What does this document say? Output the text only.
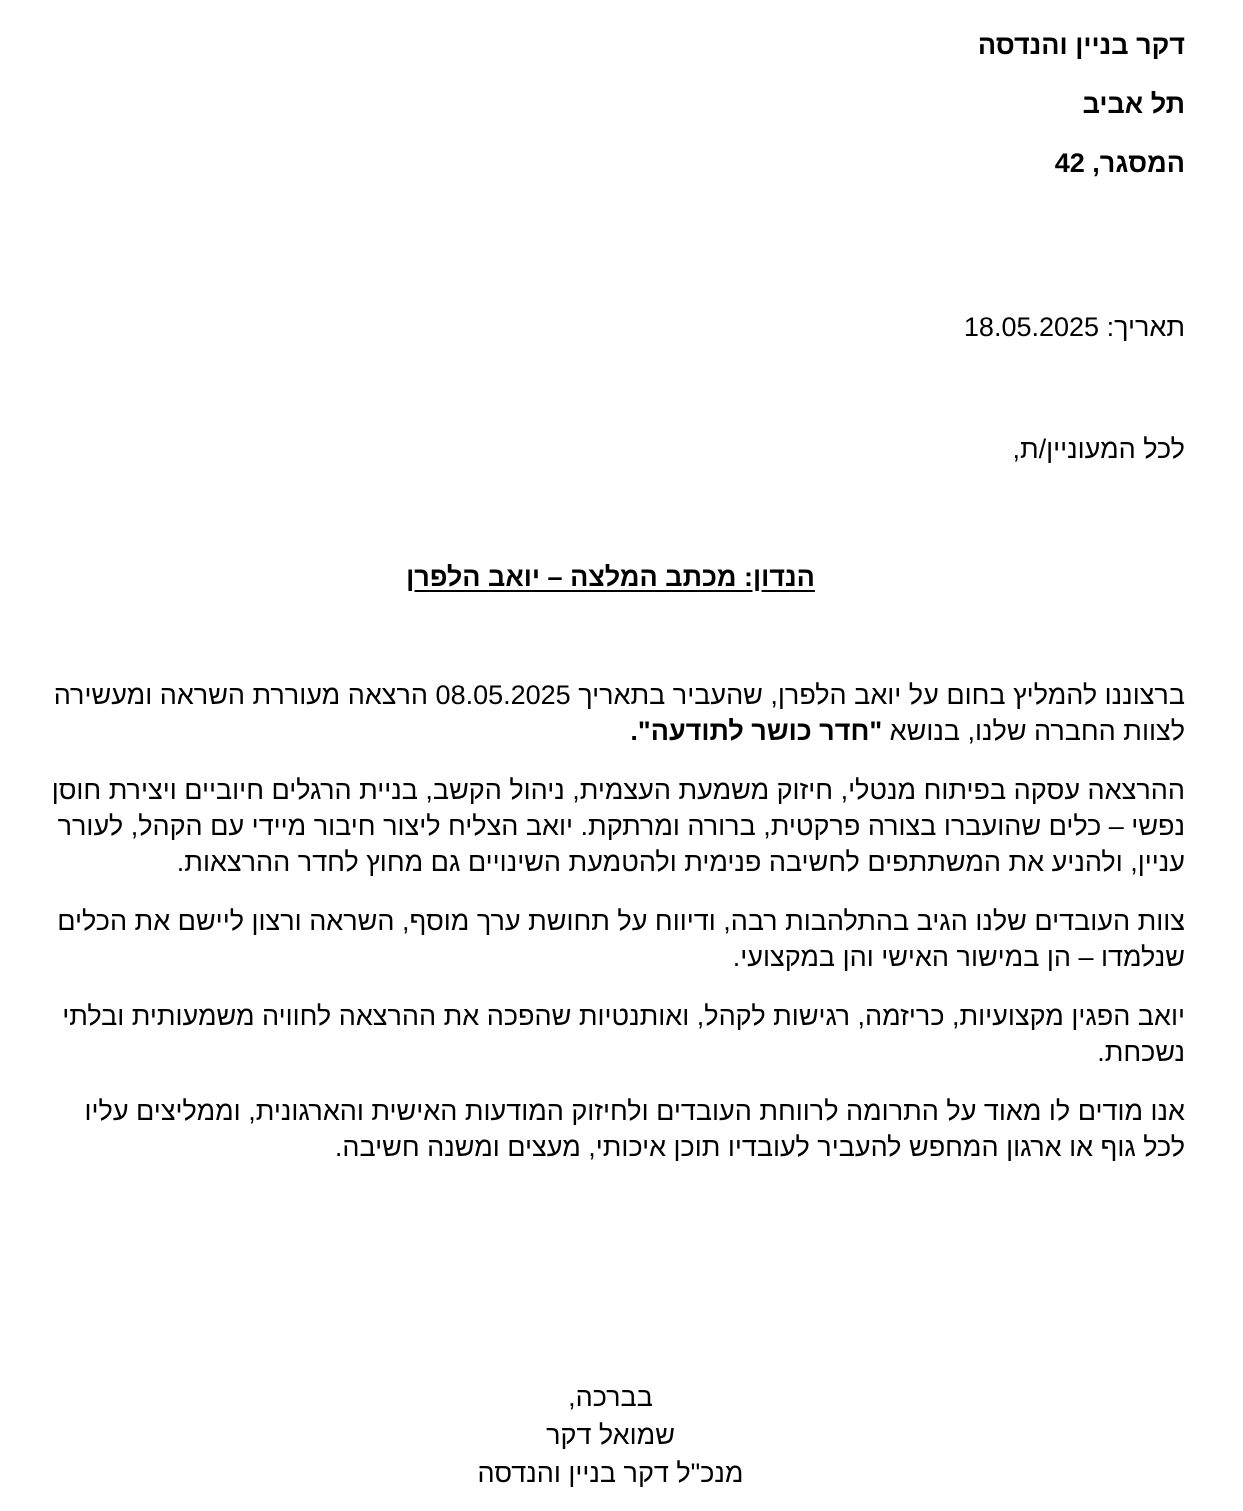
דקר בניין והנדסה
תל אביב
המסגר, 42
תאריך: 18.05.2025
לכל המעוניין/ת,
הנדון: מכתב המלצה – יואב הלפרן

ברצוננו להמליץ בחום על יואב הלפרן, שהעביר בתאריך 08.05.2025 הרצאה מעוררת השראה ומעשירה לצוות החברה שלנו, בנושא "חדר כושר לתודעה".

ההרצאה עסקה בפיתוח מנטלי, חיזוק משמעת העצמית, ניהול הקשב, בניית הרגלים חיוביים ויצירת חוסן נפשי – כלים שהועברו בצורה פרקטית, ברורה ומרתקת. יואב הצליח ליצור חיבור מיידי עם הקהל, לעורר עניין, ולהניע את המשתתפים לחשיבה פנימית ולהטמעת השינויים גם מחוץ לחדר ההרצאות.

צוות העובדים שלנו הגיב בהתלהבות רבה, ודיווח על תחושת ערך מוסף, השראה ורצון ליישם את הכלים שנלמדו – הן במישור האישי והן במקצועי.

יואב הפגין מקצועיות, כריזמה, רגישות לקהל, ואותנטיות שהפכה את ההרצאה לחוויה משמעותית ובלתי נשכחת.

אנו מודים לו מאוד על התרומה לרווחת העובדים ולחיזוק המודעות האישית והארגונית, וממליצים עליו לכל גוף או ארגון המחפש להעביר לעובדיו תוכן איכותי, מעצים ומשנה חשיבה.

בברכה,
שמואל דקר
מנכ"ל דקר בניין והנדסה
